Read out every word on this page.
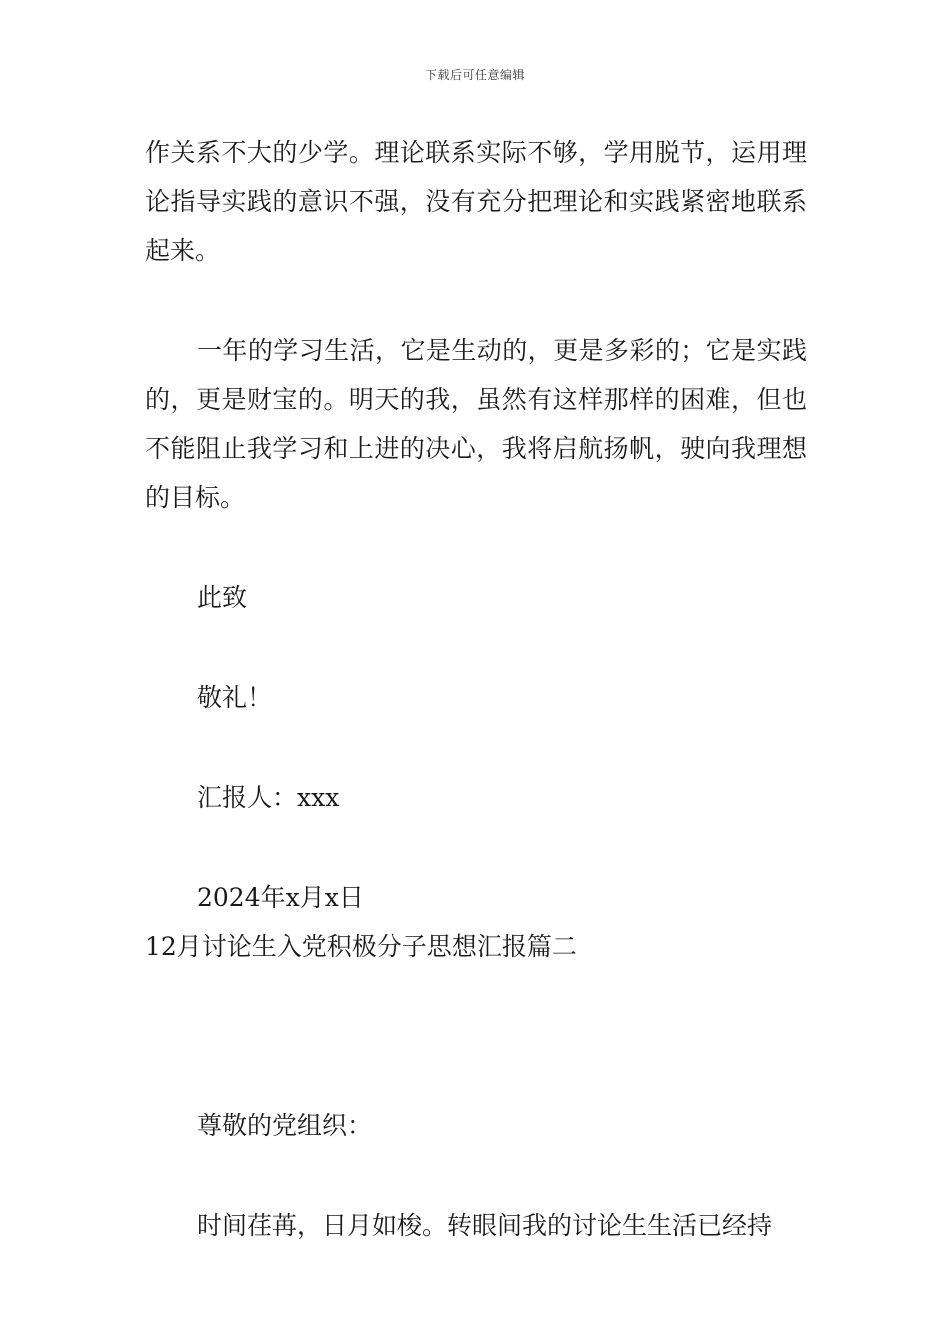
下载后可任意编辑

作关系不大的少学。理论联系实际不够，学用脱节，运用理论指导实践的意识不强，没有充分把理论和实践紧密地联系起来。

一年的学习生活，它是生动的，更是多彩的；它是实践的，更是财宝的。明天的我，虽然有这样那样的困难，但也不能阻止我学习和上进的决心，我将启航扬帆，驶向我理想的目标。

此致

敬礼！

汇报人：xxx

2024年x月x日

12月讨论生入党积极分子思想汇报篇二

尊敬的党组织：

时间荏苒，日月如梭。转眼间我的讨论生生活已经持
